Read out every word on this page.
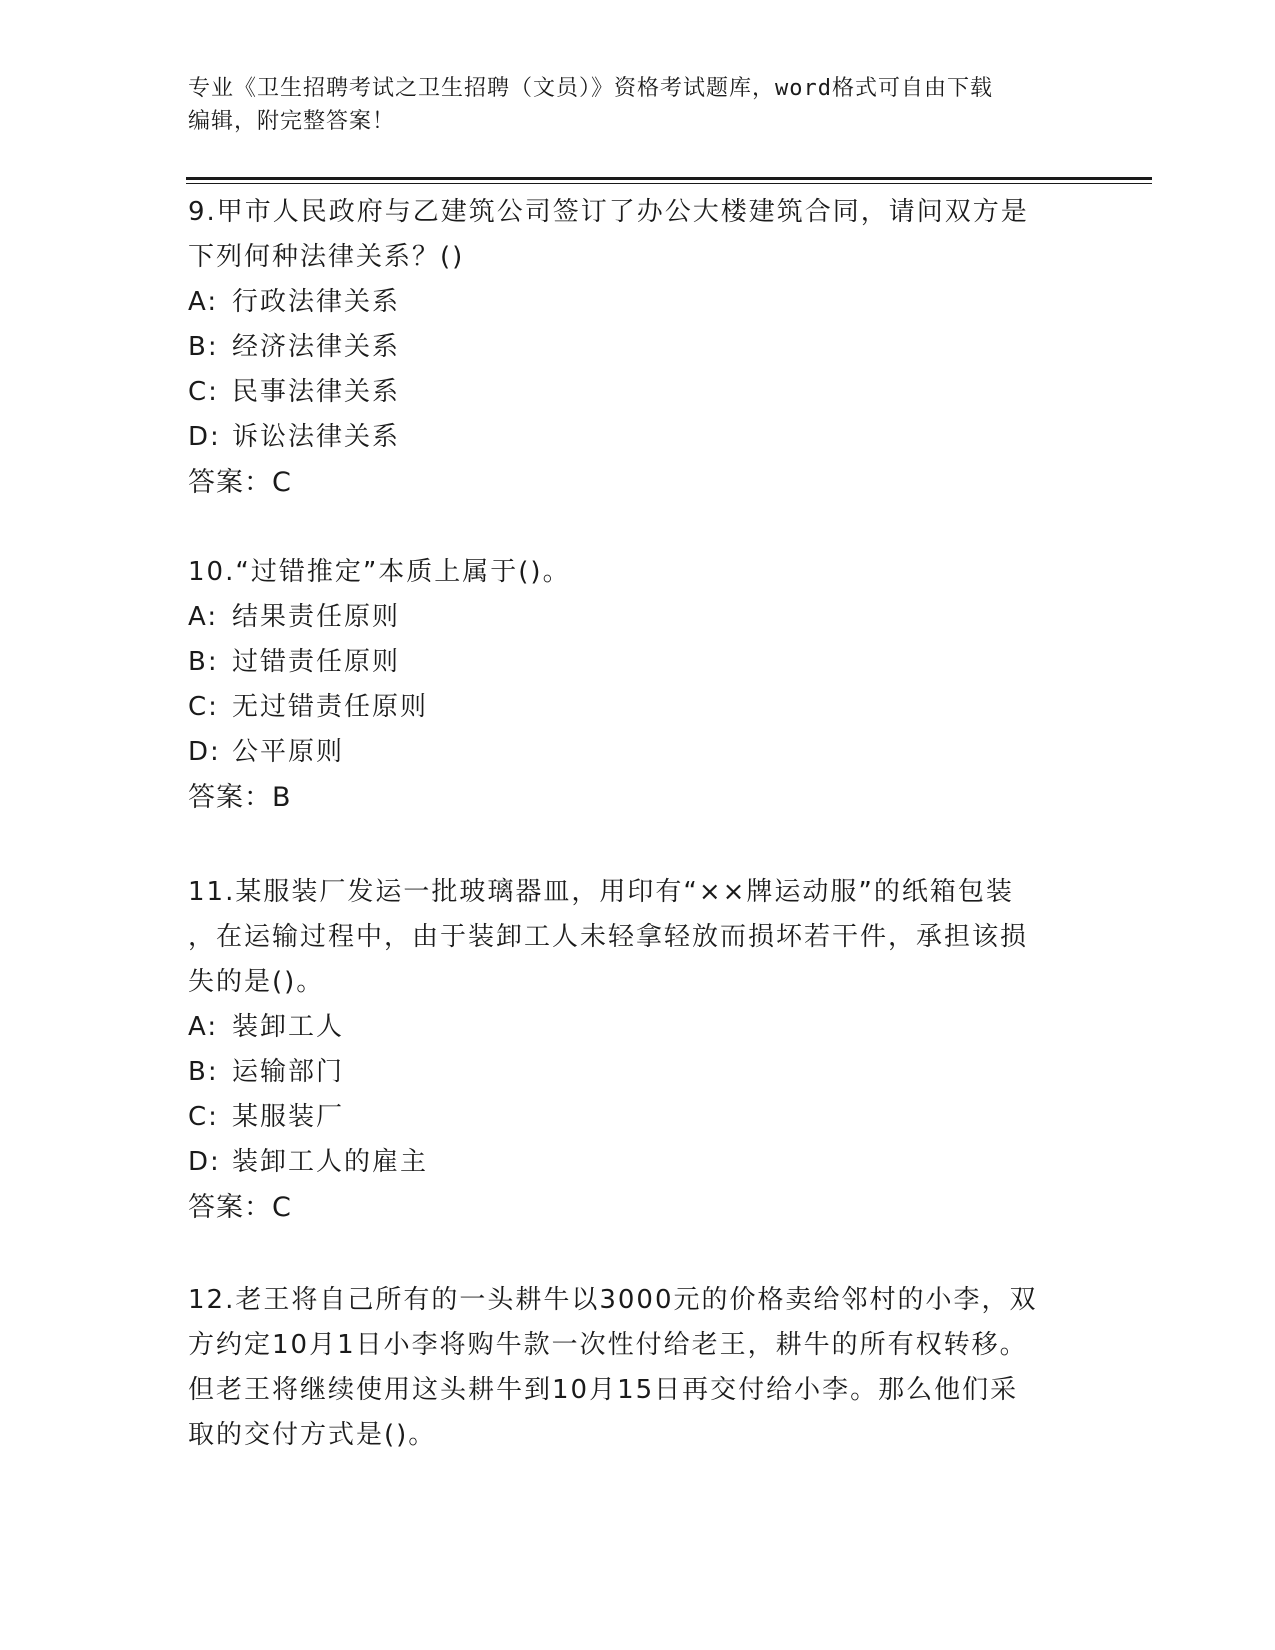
专业《卫生招聘考试之卫生招聘（文员）》资格考试题库，word格式可自由下载
编辑，附完整答案！
9.甲市人民政府与乙建筑公司签订了办公大楼建筑合同，请问双方是
下列何种法律关系？()
A: 行政法律关系
B: 经济法律关系
C: 民事法律关系
D: 诉讼法律关系
答案：C
10.“过错推定”本质上属于()。
A: 结果责任原则
B: 过错责任原则
C: 无过错责任原则
D: 公平原则
答案：B
11.某服装厂发运一批玻璃器皿，用印有“××牌运动服”的纸箱包装
，在运输过程中，由于装卸工人未轻拿轻放而损坏若干件，承担该损
失的是()。
A: 装卸工人
B: 运输部门
C: 某服装厂
D: 装卸工人的雇主
答案：C
12.老王将自己所有的一头耕牛以3000元的价格卖给邻村的小李，双
方约定10月1日小李将购牛款一次性付给老王，耕牛的所有权转移。
但老王将继续使用这头耕牛到10月15日再交付给小李。那么他们采
取的交付方式是()。
